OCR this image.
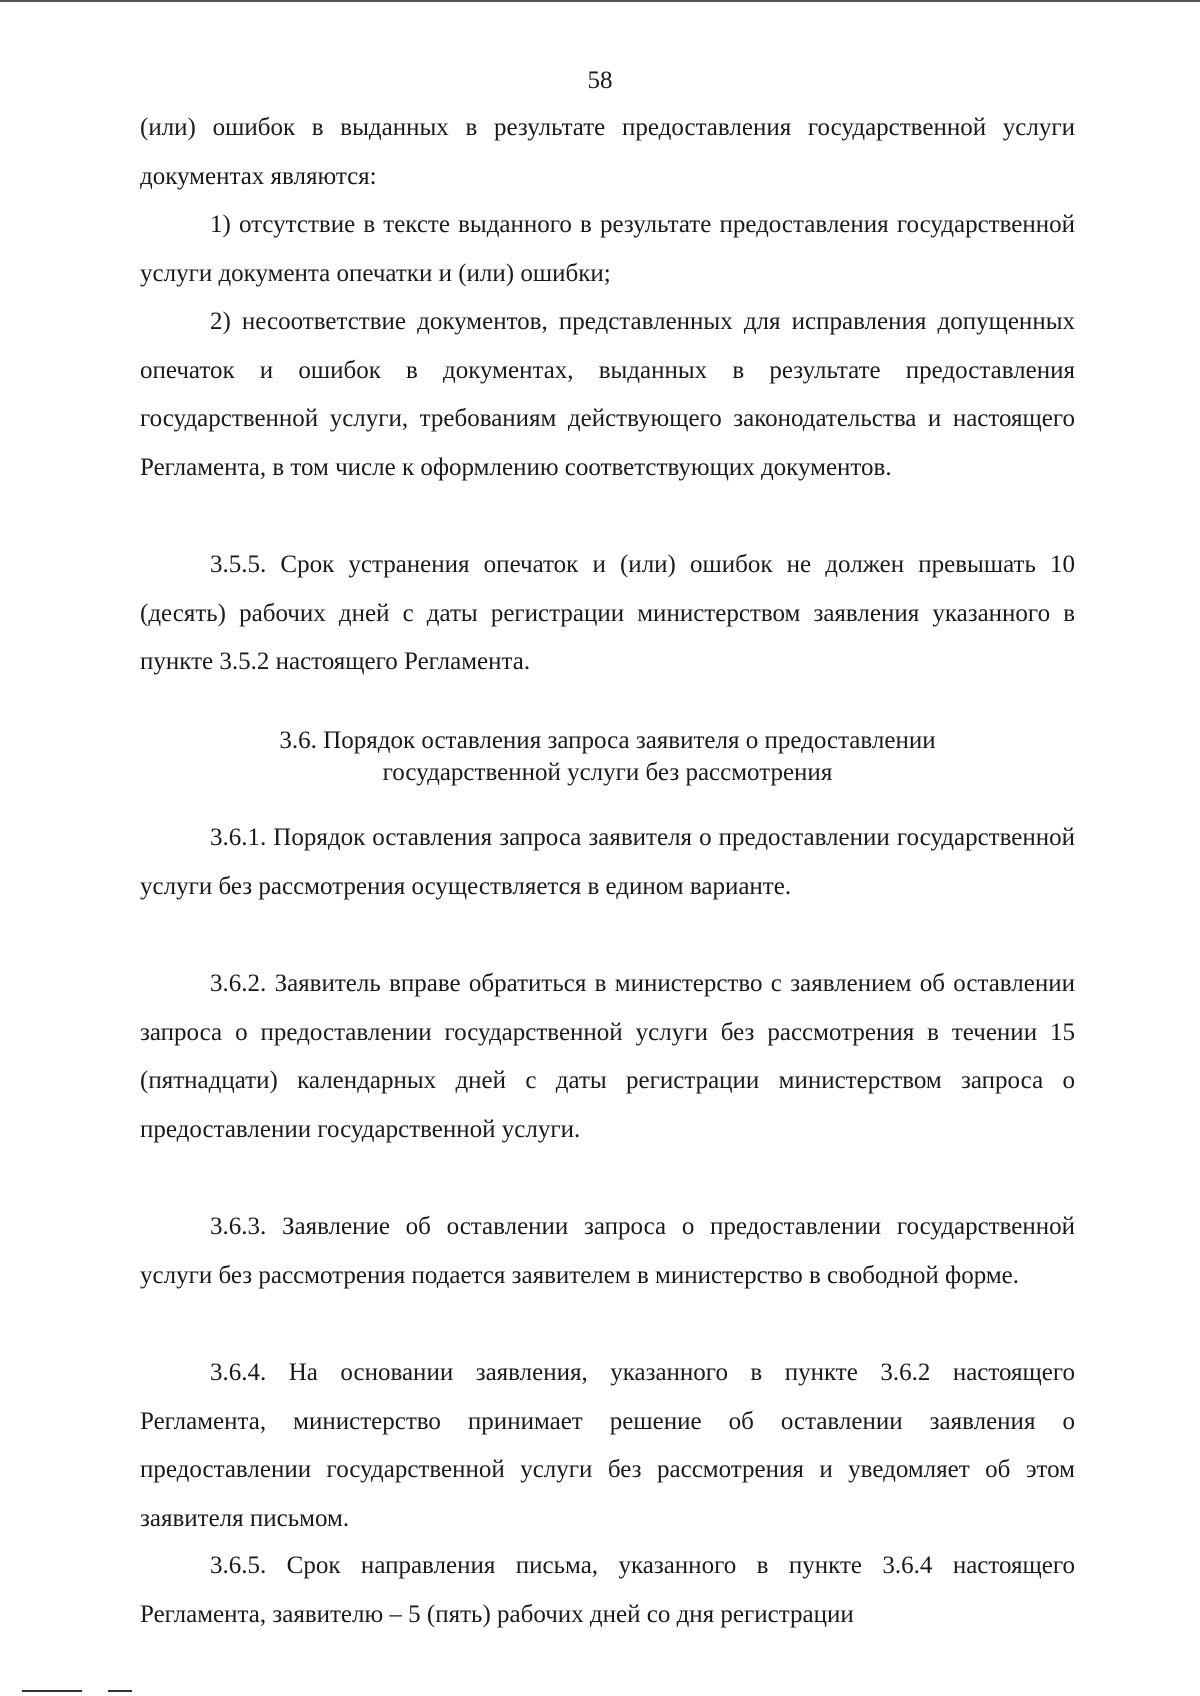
58

(или) ошибок в выданных в результате предоставления государственной услуги документах являются:

1) отсутствие в тексте выданного в результате предоставления государственной услуги документа опечатки и (или) ошибки;

2) несоответствие документов, представленных для исправления допущенных опечаток и ошибок в документах, выданных в результате предоставления государственной услуги, требованиям действующего законодательства и настоящего Регламента, в том числе к оформлению соответствующих документов.

3.5.5. Срок устранения опечаток и (или) ошибок не должен превышать 10 (десять) рабочих дней с даты регистрации министерством заявления указанного в пункте 3.5.2 настоящего Регламента.

3.6. Порядок оставления запроса заявителя о предоставлении
государственной услуги без рассмотрения

3.6.1. Порядок оставления запроса заявителя о предоставлении государственной услуги без рассмотрения осуществляется в едином варианте.

3.6.2. Заявитель вправе обратиться в министерство с заявлением об оставлении запроса о предоставлении государственной услуги без рассмотрения в течении 15 (пятнадцати) календарных дней с даты регистрации министерством запроса о предоставлении государственной услуги.

3.6.3. Заявление об оставлении запроса о предоставлении государственной услуги без рассмотрения подается заявителем в министерство в свободной форме.

3.6.4. На основании заявления, указанного в пункте 3.6.2 настоящего Регламента, министерство принимает решение об оставлении заявления о предоставлении государственной услуги без рассмотрения и уведомляет об этом заявителя письмом.

3.6.5. Срок направления письма, указанного в пункте 3.6.4 настоящего Регламента, заявителю – 5 (пять) рабочих дней со дня регистрации
